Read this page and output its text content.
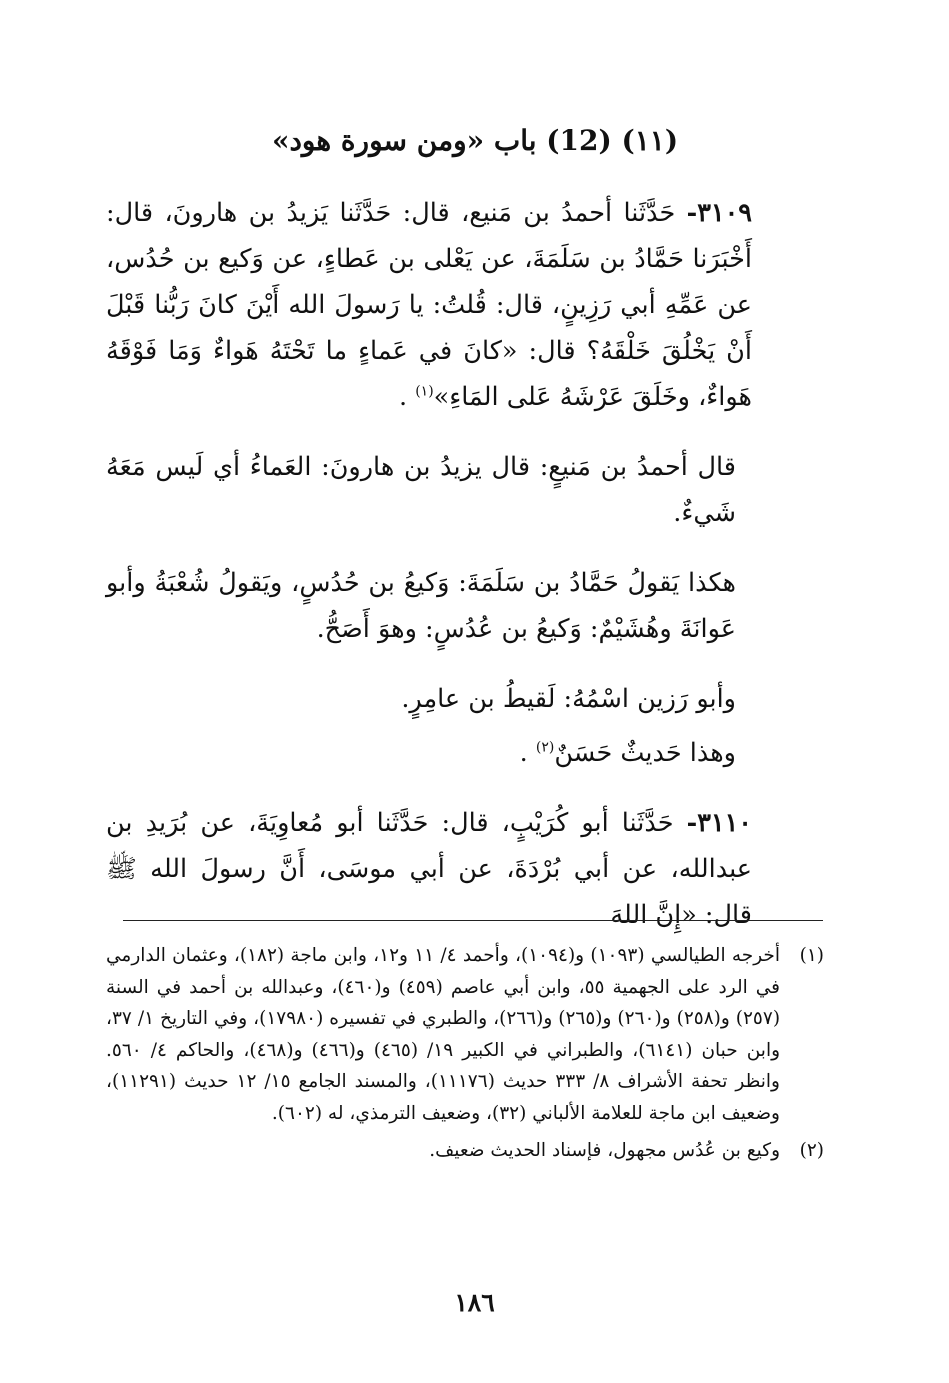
(١١) (12) باب «ومن سورة هود»

٣١٠٩- حَدَّثَنا أحمدُ بن مَنيع، قال: حَدَّثَنا يَزيدُ بن هارونَ، قال: أَخْبَرَنا حَمَّادُ بن سَلَمَةَ، عن يَعْلى بن عَطاءٍ، عن وَكيع بن حُدُس، عن عَمِّهِ أبي رَزِينٍ، قال: قُلتُ: يا رَسولَ الله أَيْنَ كانَ رَبُّنا قَبْلَ أَنْ يَخْلُقَ خَلْقَهُ؟ قال: «كانَ في عَماءٍ ما تَحْتَهُ هَواءٌ وَمَا فَوْقَهُ هَواءٌ، وخَلَقَ عَرْشَهُ عَلى المَاءِ»$^{(١)}$ .

قال أحمدُ بن مَنيعٍ: قال يزيدُ بن هارونَ: العَماءُ أي لَيس مَعَهُ شَيءٌ.

هكذا يَقولُ حَمَّادُ بن سَلَمَةَ: وَكيعُ بن حُدُسٍ، ويَقولُ شُعْبَةُ وأبو عَوانَةَ وهُشَيْمٌ: وَكيعُ بن عُدُسٍ: وهوَ أَصَحُّ.

وأبو رَزين اسْمُهُ: لَقيطُ بن عامِرٍ.

وهذا حَديثٌ حَسَنٌ$^{(٢)}$ .

٣١١٠- حَدَّثَنا أبو كُرَيْبٍ، قال: حَدَّثَنا أبو مُعاوِيَةَ، عن بُرَيدِ بن عبدالله، عن أبي بُرْدَةَ، عن أبي موسَى، أَنَّ رسولَ الله ﷺ قال: «إِنَّ اللهَ

(١)
أخرجه الطيالسي (١٠٩٣) و(١٠٩٤)، وأحمد ٤/ ١١ و١٢، وابن ماجة (١٨٢)، وعثمان الدارمي في الرد على الجهمية ٥٥، وابن أبي عاصم (٤٥٩) و(٤٦٠)، وعبدالله بن أحمد في السنة (٢٥٧) و(٢٥٨) و(٢٦٠) و(٢٦٥) و(٢٦٦)، والطبري في تفسيره (١٧٩٨٠)، وفي التاريخ ١/ ٣٧، وابن حبان (٦١٤١)، والطبراني في الكبير ١٩/ (٤٦٥) و(٤٦٦) و(٤٦٨)، والحاكم ٤/ ٥٦٠. وانظر تحفة الأشراف ٨/ ٣٣٣ حديث (١١١٧٦)، والمسند الجامع ١٥/ ١٢ حديث (١١٢٩١)، وضعيف ابن ماجة للعلامة الألباني (٣٢)، وضعيف الترمذي، له (٦٠٢).
(٢)
وكيع بن عُدُس مجهول، فإسناد الحديث ضعيف.
١٨٦
